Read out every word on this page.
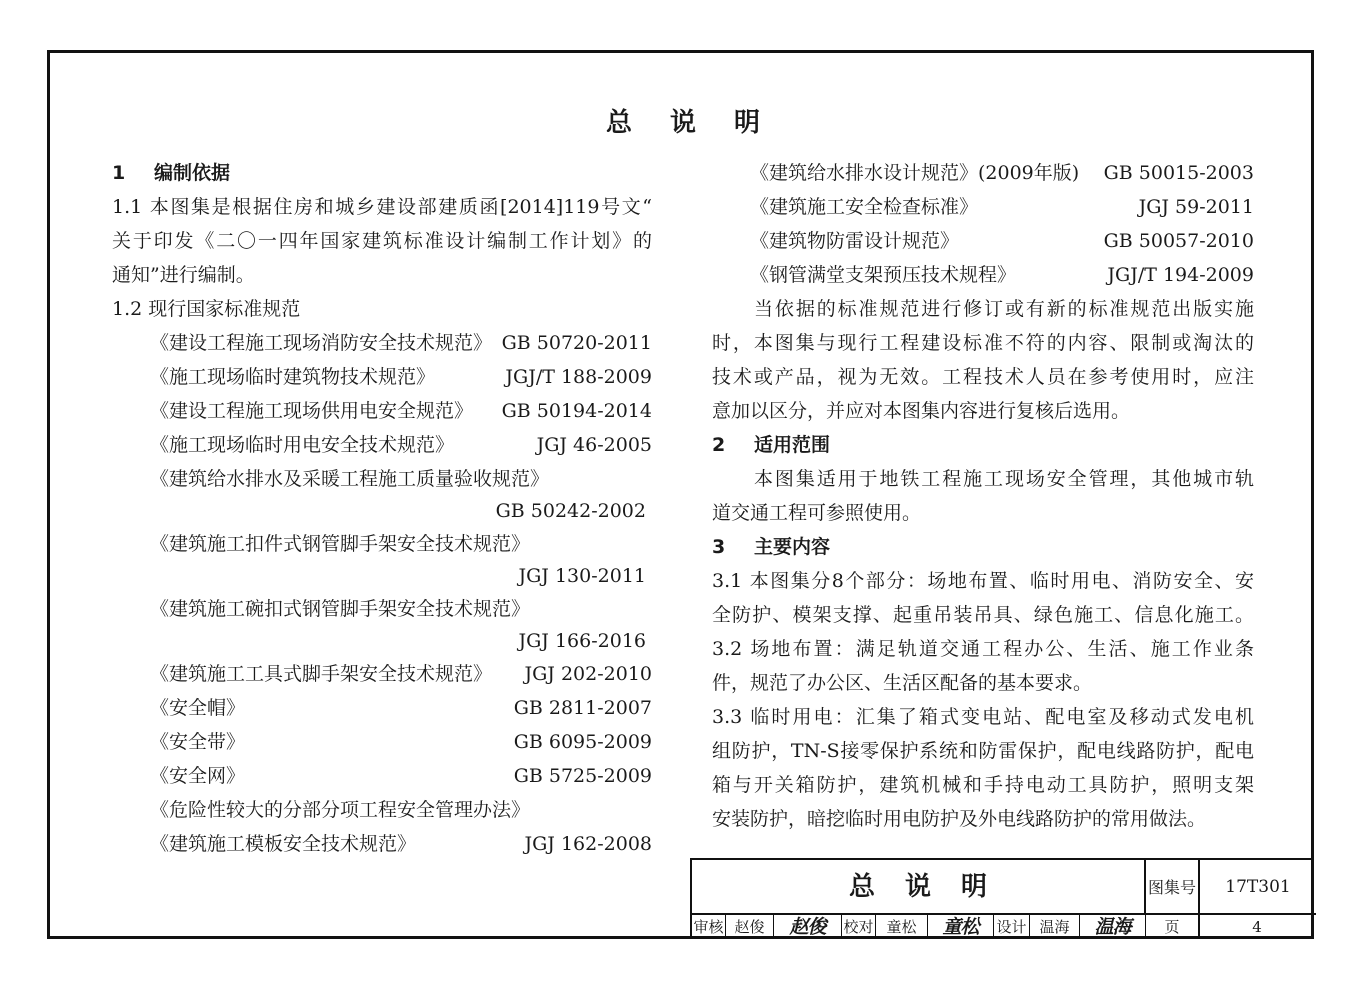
总说明
1 编制依据
1.1 本图集是根据住房和城乡建设部建质函[2014]119号文“
关于印发《二〇一四年国家建筑标准设计编制工作计划》的
通知”进行编制。
1.2 现行国家标准规范
《建设工程施工现场消防安全技术规范》 GB 50720-2011
《施工现场临时建筑物技术规范》	JGJ/T 188-2009
《建设工程施工现场供用电安全规范》 GB 50194-2014
《施工现场临时用电安全技术规范》	JGJ 46-2005
《建筑给水排水及采暖工程施工质量验收规范》
GB 50242-2002
《建筑施工扣件式钢管脚手架安全技术规范》
JGJ 130-2011
《建筑施工碗扣式钢管脚手架安全技术规范》
JGJ 166-2016
《建筑施工工具式脚手架安全技术规范》 JGJ 202-2010
《安全帽》	GB 2811-2007
《安全带》	GB 6095-2009
《安全网》	GB 5725-2009
《危险性较大的分部分项工程安全管理办法》
《建筑施工模板安全技术规范》	JGJ 162-2008
《建筑给水排水设计规范》(2009年版) GB 50015-2003
《建筑施工安全检查标准》	JGJ 59-2011
《建筑物防雷设计规范》	GB 50057-2010
《钢管满堂支架预压技术规程》	JGJ/T 194-2009
当依据的标准规范进行修订或有新的标准规范出版实施
时，本图集与现行工程建设标准不符的内容、限制或淘汰的
技术或产品，视为无效。工程技术人员在参考使用时，应注
意加以区分，并应对本图集内容进行复核后选用。
2 适用范围
本图集适用于地铁工程施工现场安全管理，其他城市轨
道交通工程可参照使用。
3 主要内容
3.1 本图集分8个部分：场地布置、临时用电、消防安全、安
全防护、模架支撑、起重吊装吊具、绿色施工、信息化施工。
3.2 场地布置：满足轨道交通工程办公、生活、施工作业条
件，规范了办公区、生活区配备的基本要求。
3.3 临时用电：汇集了箱式变电站、配电室及移动式发电机
组防护，TN-S接零保护系统和防雷保护，配电线路防护，配电
箱与开关箱防护，建筑机械和手持电动工具防护，照明支架
安装防护，暗挖临时用电防护及外电线路防护的常用做法。
总说明	图集号	17T301
审核 赵俊	赵俊	校对 童松	童松	设计 温海	温海	页	4
